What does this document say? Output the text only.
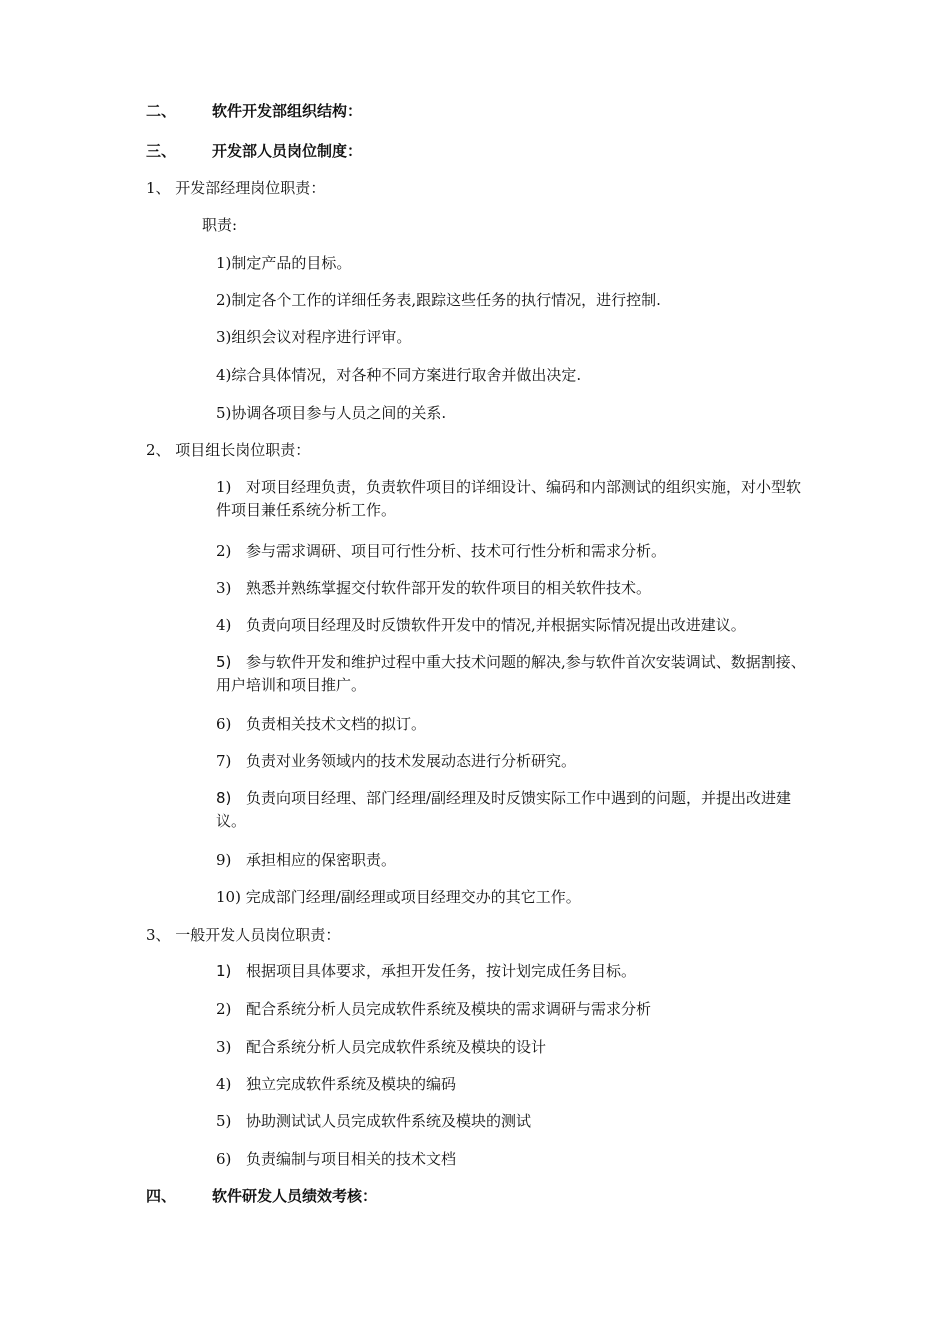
二、 软件开发部组织结构：
三、 开发部人员岗位制度：
1、 开发部经理岗位职责：
职责:
1)制定产品的目标。
2)制定各个工作的详细任务表,跟踪这些任务的执行情况，进行控制.
3)组织会议对程序进行评审。
4)综合具体情况，对各种不同方案进行取舍并做出决定.
5)协调各项目参与人员之间的关系.
2、 项目组长岗位职责：
1) 对项目经理负责，负责软件项目的详细设计、编码和内部测试的组织实施，对小型软件项目兼任系统分析工作。
2) 参与需求调研、项目可行性分析、技术可行性分析和需求分析。
3) 熟悉并熟练掌握交付软件部开发的软件项目的相关软件技术。
4) 负责向项目经理及时反馈软件开发中的情况,并根据实际情况提出改进建议。
5) 参与软件开发和维护过程中重大技术问题的解决,参与软件首次安装调试、数据割接、用户培训和项目推广。
6) 负责相关技术文档的拟订。
7) 负责对业务领域内的技术发展动态进行分析研究。
8) 负责向项目经理、部门经理/副经理及时反馈实际工作中遇到的问题，并提出改进建议。
9) 承担相应的保密职责。
10) 完成部门经理/副经理或项目经理交办的其它工作。
3、 一般开发人员岗位职责：
1) 根据项目具体要求，承担开发任务，按计划完成任务目标。
2) 配合系统分析人员完成软件系统及模块的需求调研与需求分析
3) 配合系统分析人员完成软件系统及模块的设计
4) 独立完成软件系统及模块的编码
5) 协助测试试人员完成软件系统及模块的测试
6) 负责编制与项目相关的技术文档
四、 软件研发人员绩效考核：
